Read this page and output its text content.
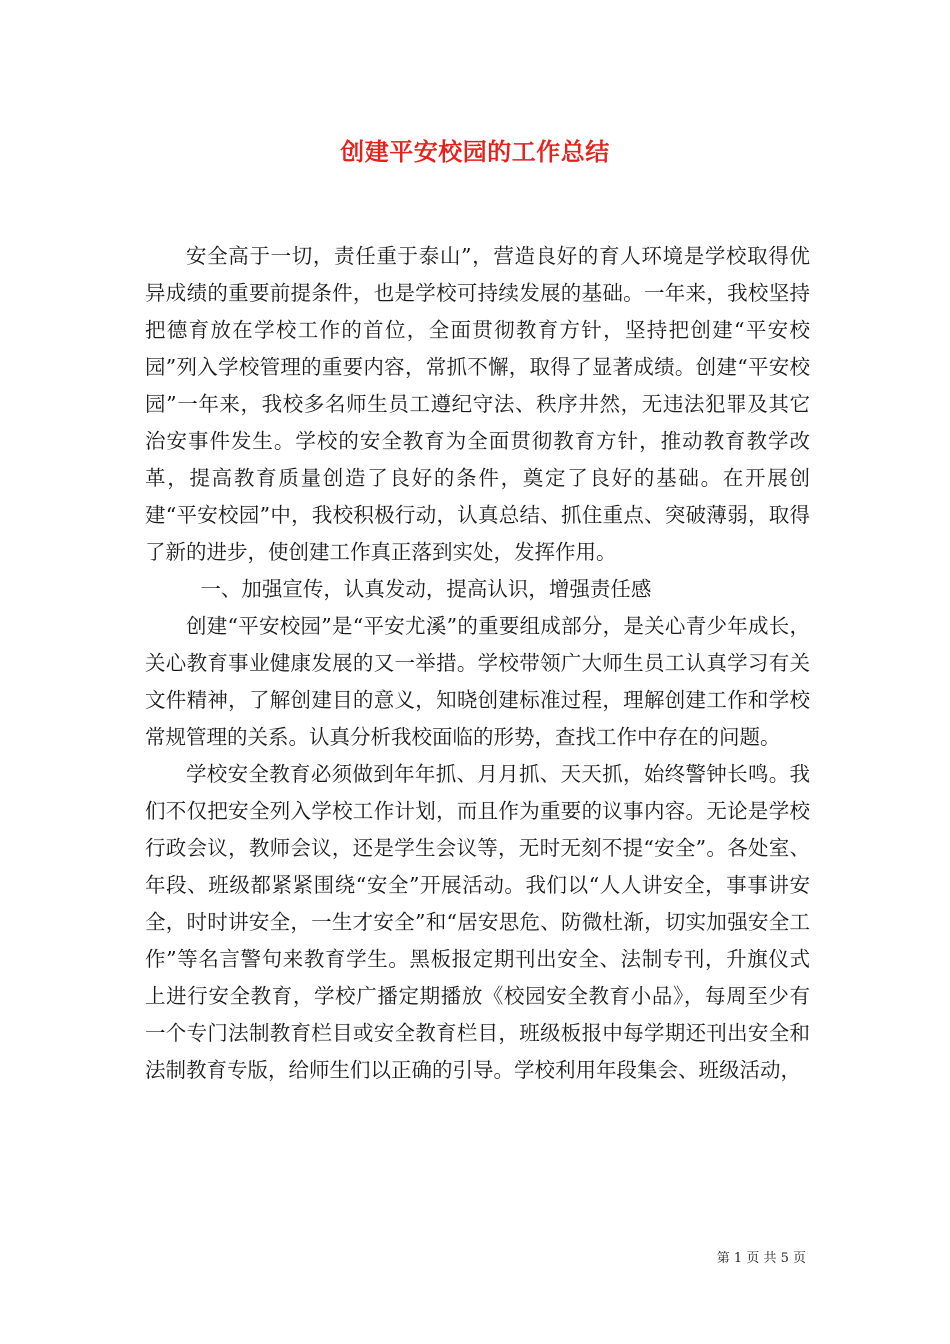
创建平安校园的工作总结

安全高于一切，责任重于泰山”，营造良好的育人环境是学校取得优异成绩的重要前提条件，也是学校可持续发展的基础。一年来，我校坚持把德育放在学校工作的首位，全面贯彻教育方针，坚持把创建“平安校园”列入学校管理的重要内容，常抓不懈，取得了显著成绩。创建“平安校园”一年来，我校多名师生员工遵纪守法、秩序井然，无违法犯罪及其它治安事件发生。学校的安全教育为全面贯彻教育方针，推动教育教学改革，提高教育质量创造了良好的条件，奠定了良好的基础。在开展创建“平安校园”中，我校积极行动，认真总结、抓住重点、突破薄弱，取得了新的进步，使创建工作真正落到实处，发挥作用。

一、加强宣传，认真发动，提高认识，增强责任感

创建“平安校园”是“平安尤溪”的重要组成部分，是关心青少年成长，关心教育事业健康发展的又一举措。学校带领广大师生员工认真学习有关文件精神，了解创建目的意义，知晓创建标准过程，理解创建工作和学校常规管理的关系。认真分析我校面临的形势，查找工作中存在的问题。

学校安全教育必须做到年年抓、月月抓、天天抓，始终警钟长鸣。我们不仅把安全列入学校工作计划，而且作为重要的议事内容。无论是学校行政会议，教师会议，还是学生会议等，无时无刻不提“安全”。各处室、年段、班级都紧紧围绕“安全”开展活动。我们以“人人讲安全，事事讲安全，时时讲安全，一生才安全”和“居安思危、防微杜渐，切实加强安全工作”等名言警句来教育学生。黑板报定期刊出安全、法制专刊，升旗仪式上进行安全教育，学校广播定期播放《校园安全教育小品》，每周至少有一个专门法制教育栏目或安全教育栏目，班级板报中每学期还刊出安全和法制教育专版，给师生们以正确的引导。学校利用年段集会、班级活动，

第 1 页 共 5 页
